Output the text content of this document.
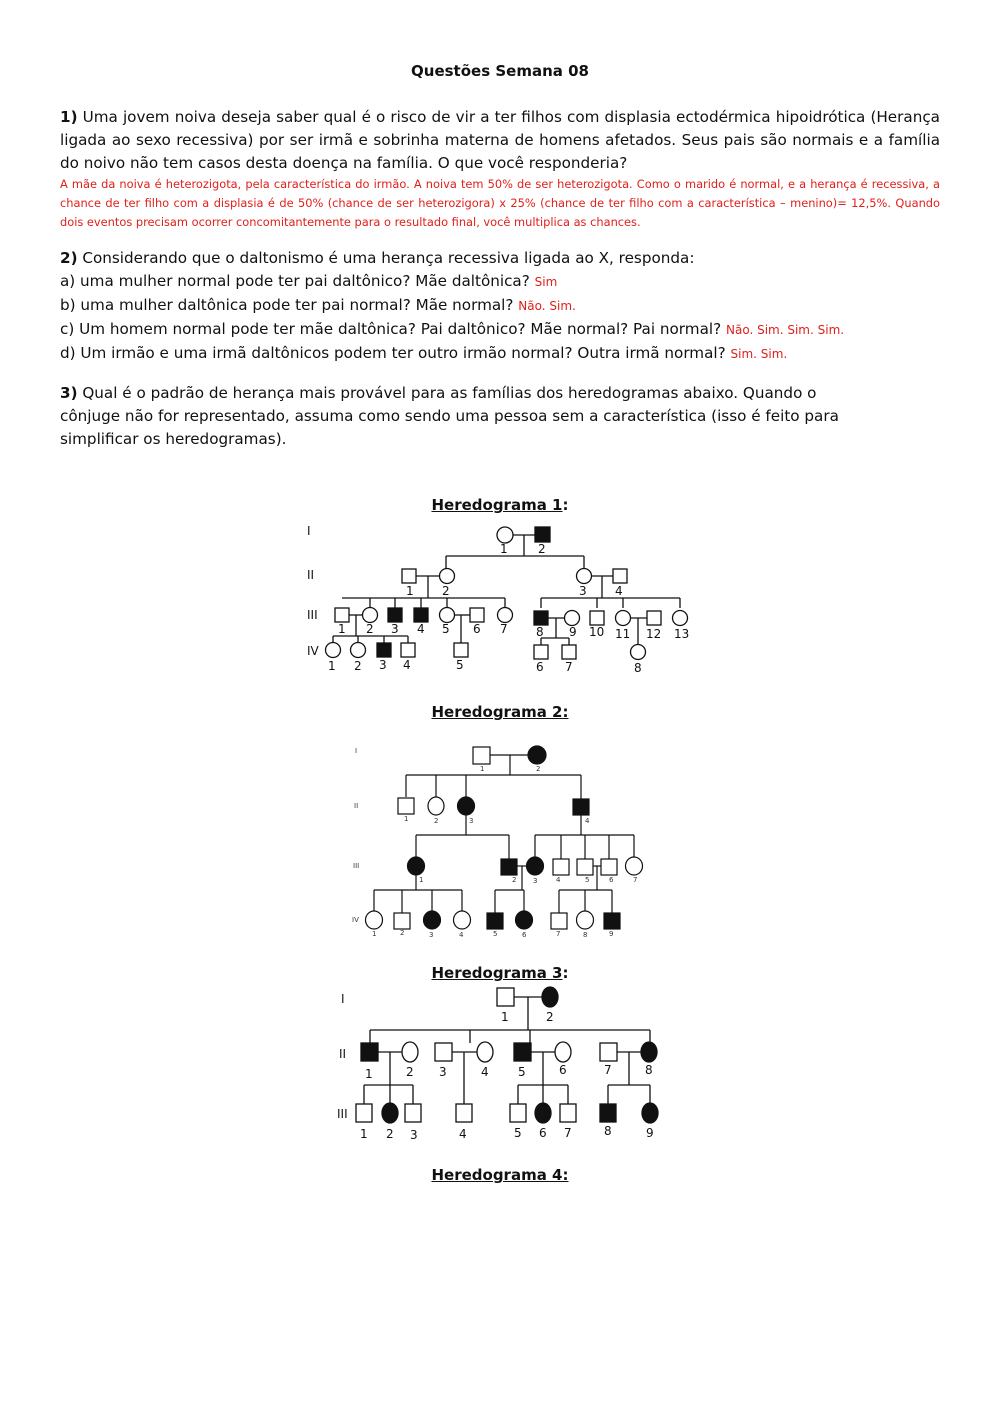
Questões Semana 08
1) Uma jovem noiva deseja saber qual é o risco de vir a ter filhos com displasia ectodérmica hipoidrótica (Herança ligada ao sexo recessiva) por ser irmã e sobrinha materna de homens afetados. Seus pais são normais e a família do noivo não tem casos desta doença na família. O que você responderia?
A mãe da noiva é heterozigota, pela característica do irmão. A noiva tem 50% de ser heterozigota. Como o marido é normal, e a herança é recessiva, a chance de ter filho com a displasia é de 50% (chance de ser heterozigora) x 25% (chance de ter filho com a característica – menino)= 12,5%. Quando dois eventos precisam ocorrer concomitantemente para o resultado final, você multiplica as chances.
2) Considerando que o daltonismo é uma herança recessiva ligada ao X, responda:
a) uma mulher normal pode ter pai daltônico? Mãe daltônica? Sim
b) uma mulher daltônica pode ter pai normal? Mãe normal? Não. Sim.
c) Um homem normal pode ter mãe daltônica? Pai daltônico? Mãe normal? Pai normal? Não. Sim. Sim. Sim.
d) Um irmão e uma irmã daltônicos podem ter outro irmão normal? Outra irmã normal? Sim. Sim.
3) Qual é o padrão de herança mais provável para as famílias dos heredogramas abaixo. Quando o cônjuge não for representado, assuma como sendo uma pessoa sem a característica (isso é feito para simplificar os heredogramas).
Heredograma 1:
Heredograma 2:
Heredograma 3:
Heredograma 4:
I
II
III
IV
1	2
1 2	3 4
1 2 3 4 5 6 7 8 9 10 11 12 13
1 2 3 4	5	6 7	8
I
II
III
IV
1	2
1	2	3	4
1	2 3	4	5	6	7
1	2	3	4	5	6	7	8	9
I
II
III
1	2
1	2 3	4 5	6	7	8
1 2 3	4	5 6 7	8	9
